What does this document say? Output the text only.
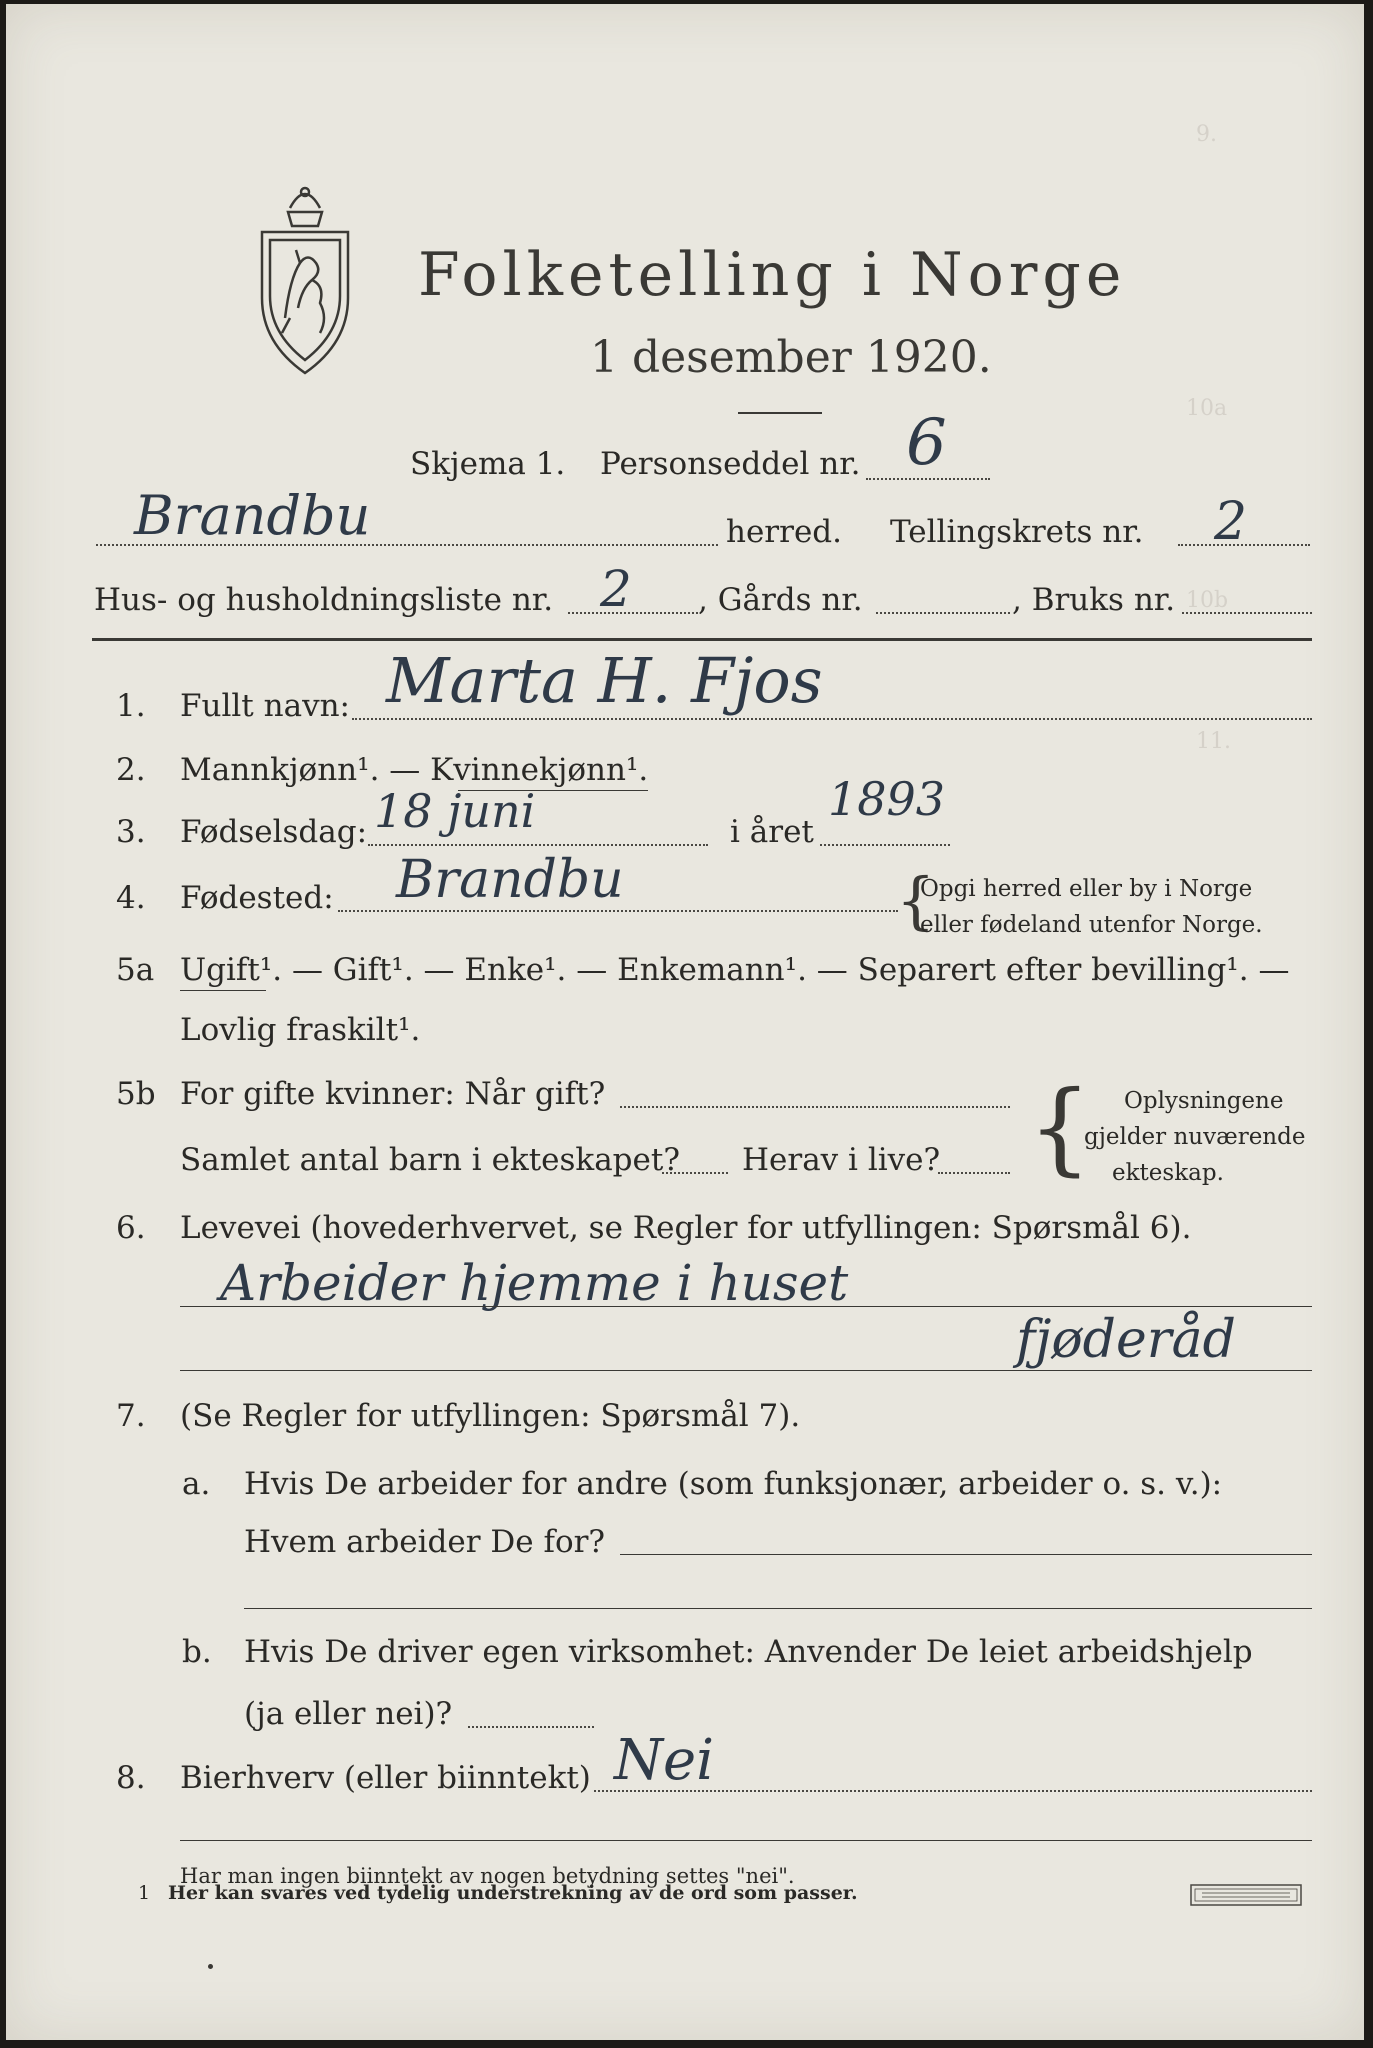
9.
10a
10b
11.
Folketelling i Norge
1 desember 1920.
Skjema 1. Personseddel nr. 6
Brandbu	herred. Tellingskrets nr. 2
Hus- og husholdningsliste nr. 2 , Gårds nr.	, Bruks nr.
1. Fullt navn: Marta H. Fjos
2. Mannkjønn¹. — Kvinnekjønn¹.
3. Fødselsdag: 18 juni	i året
1893
4. Fødested: Brandbu	{
Opgi herred eller by i Norge
eller fødeland utenfor Norge.
5a Ugift¹. — Gift¹. — Enke¹. — Enkemann¹. — Separert efter bevilling¹. —
Lovlig fraskilt¹.
5b For gifte kvinner: Når gift?
Samlet antal barn i ekteskapet? Herav i live? { Oplysningene
gjelder nuværende
ekteskap.
6. Levevei (hovederhvervet, se Regler for utfyllingen: Spørsmål 6).
Arbeider hjemme i huset
fjøderåd
7. (Se Regler for utfyllingen: Spørsmål 7).
a. Hvis De arbeider for andre (som funksjonær, arbeider o. s. v.):
Hvem arbeider De for?
b. Hvis De driver egen virksomhet: Anvender De leiet arbeidshjelp
(ja eller nei)?
8. Bierhverv (eller biinntekt) Nei
Har man ingen biinntekt av nogen betydning settes "nei".
1 Her kan svares ved tydelig understrekning av de ord som passer.
